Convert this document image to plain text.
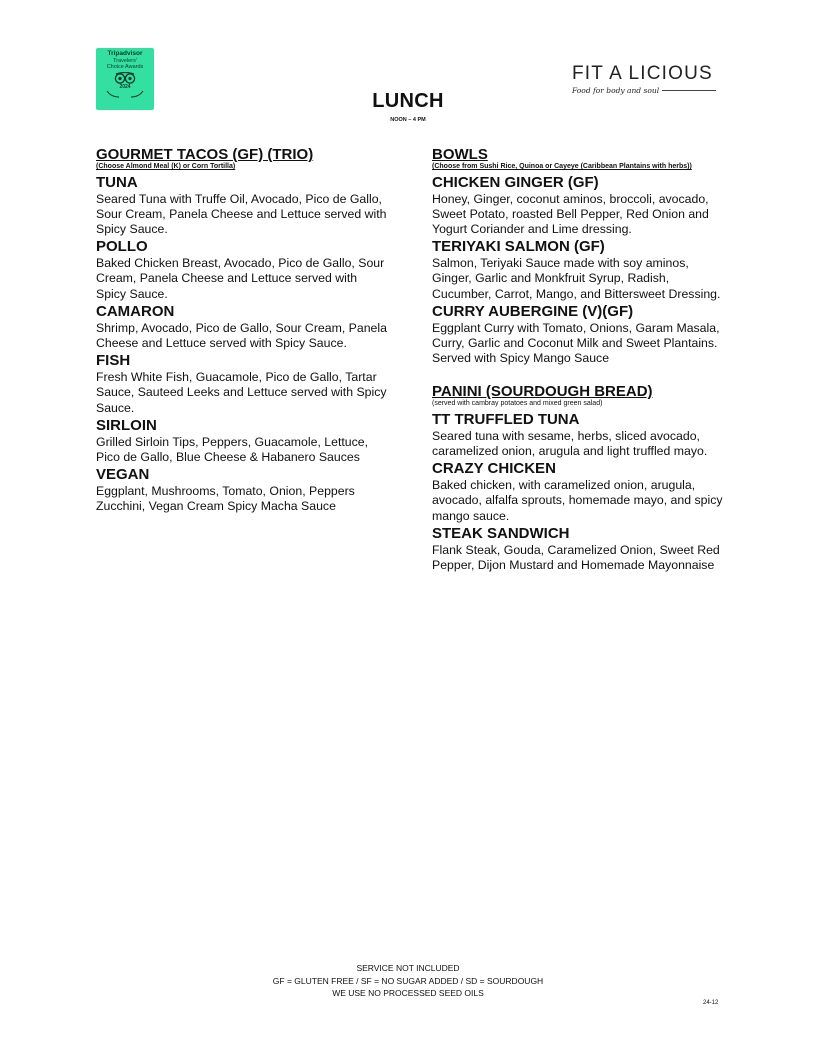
Tripadvisor
Travelers'
Choice Awards
2024
FIT A LICIOUS
Food for body and soul
LUNCH
NOON – 4 PM
GOURMET TACOS (GF) (TRIO)
(Choose Almond Meal (K) or Corn Tortilla)
TUNA
Seared Tuna with Truffe Oil, Avocado, Pico de Gallo, Sour Cream, Panela Cheese and Lettuce served with Spicy Sauce.
POLLO
Baked Chicken Breast, Avocado, Pico de Gallo, Sour Cream, Panela Cheese and Lettuce served with Spicy Sauce.
CAMARON
Shrimp, Avocado, Pico de Gallo, Sour Cream, Panela Cheese and Lettuce served with Spicy Sauce.
FISH
Fresh White Fish, Guacamole, Pico de Gallo, Tartar Sauce, Sauteed Leeks and Lettuce served with Spicy Sauce.
SIRLOIN
Grilled Sirloin Tips, Peppers, Guacamole, Lettuce, Pico de Gallo, Blue Cheese & Habanero Sauces
VEGAN
Eggplant, Mushrooms, Tomato, Onion, Peppers Zucchini, Vegan Cream Spicy Macha Sauce
BOWLS
(Choose from Sushi Rice, Quinoa or Cayeye (Caribbean Plantains with herbs))
CHICKEN GINGER (GF)
Honey, Ginger, coconut aminos, broccoli, avocado, Sweet Potato, roasted Bell Pepper, Red Onion and Yogurt Coriander and Lime dressing.
TERIYAKI SALMON (GF)
Salmon, Teriyaki Sauce made with soy aminos, Ginger, Garlic and Monkfruit Syrup, Radish, Cucumber, Carrot, Mango, and Bittersweet Dressing.
CURRY AUBERGINE (V)(GF)
Eggplant Curry with Tomato, Onions, Garam Masala, Curry, Garlic and Coconut Milk and Sweet Plantains. Served with Spicy Mango Sauce
PANINI (SOURDOUGH BREAD)
(served with cambray potatoes and mixed green salad)
TT TRUFFLED TUNA
Seared tuna with sesame, herbs, sliced avocado, caramelized onion, arugula and light truffled mayo.
CRAZY CHICKEN
Baked chicken, with caramelized onion, arugula, avocado, alfalfa sprouts, homemade mayo, and spicy mango sauce.
STEAK SANDWICH
Flank Steak, Gouda, Caramelized Onion, Sweet Red Pepper, Dijon Mustard and Homemade Mayonnaise
SERVICE NOT INCLUDED
GF = GLUTEN FREE / SF = NO SUGAR ADDED / SD = SOURDOUGH
WE USE NO PROCESSED SEED OILS
24-12
